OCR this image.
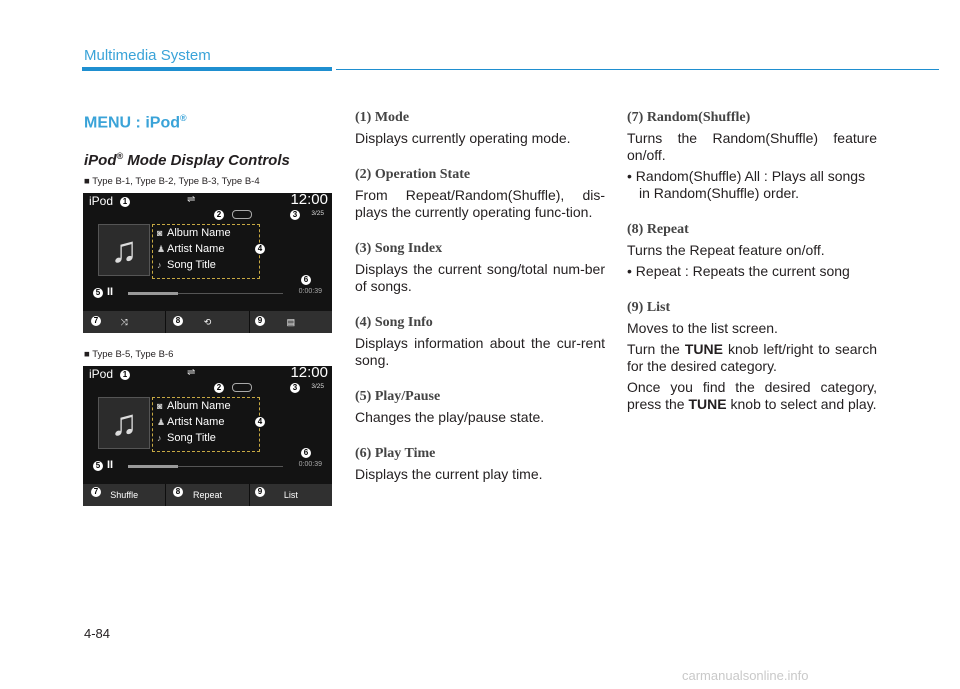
Multimedia System
MENU : iPod®
iPod® Mode Display Controls
■ Type B-1, Type B-2, Type B-3, Type B-4
iPod	⇌	12:00
3/25
♫	◙ Album Name
♟ Artist Name
♪ Song Title
II	0:00:39
⤨	⟲	▤
1
2	3
4
5
6
7	8	9
■ Type B-5, Type B-6
iPod	⇌	12:00
3/25
♫	◙ Album Name
♟ Artist Name
♪ Song Title
II	0:00:39
Shuffle	Repeat	List
1
2	3
4
5
6
7	8	9
(1) Mode
Displays currently operating mode.
(2) Operation State
From Repeat/Random(Shuffle), dis-plays the currently operating func-tion.
(3) Song Index
Displays the current song/total num-ber of songs.
(4) Song Info
Displays information about the cur-rent song.
(5) Play/Pause
Changes the play/pause state.
(6) Play Time
Displays the current play time.
(7) Random(Shuffle)
Turns the Random(Shuffle) feature on/off.
• Random(Shuffle) All : Plays all songs in Random(Shuffle) order.
(8) Repeat
Turns the Repeat feature on/off.
• Repeat : Repeats the current song
(9) List
Moves to the list screen.
Turn the TUNE knob left/right to search for the desired category.
Once you find the desired category, press the TUNE knob to select and play.
4-84
carmanualsonline.info
